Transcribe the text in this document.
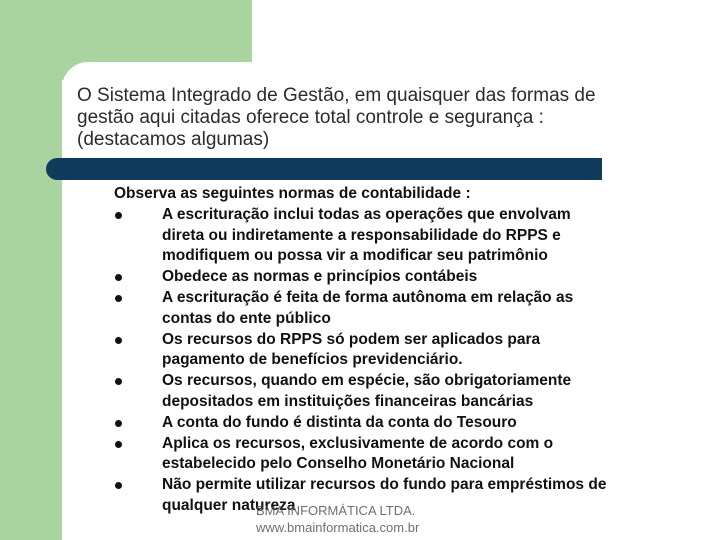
O Sistema Integrado de Gestão, em quaisquer das formas de
gestão aqui citadas oferece total controle e segurança :
(destacamos algumas)
Observa as seguintes normas de contabilidade :
A escrituração inclui todas as operações que envolvam
direta ou indiretamente a responsabilidade do RPPS e
modifiquem ou possa vir a modificar seu patrimônio
Obedece as normas e princípios contábeis
A escrituração é feita de forma autônoma em relação as
contas do ente público
Os recursos do RPPS só podem ser aplicados para
pagamento de benefícios previdenciário.
Os recursos, quando em espécie, são obrigatoriamente
depositados em instituições financeiras bancárias
A conta do fundo é distinta da conta do Tesouro
Aplica os recursos, exclusivamente de acordo com o
estabelecido pelo Conselho Monetário Nacional
Não permite utilizar recursos do fundo para empréstimos de
qualquer natureza
BMA INFORMÁTICA LTDA.
www.bmainformatica.com.br
